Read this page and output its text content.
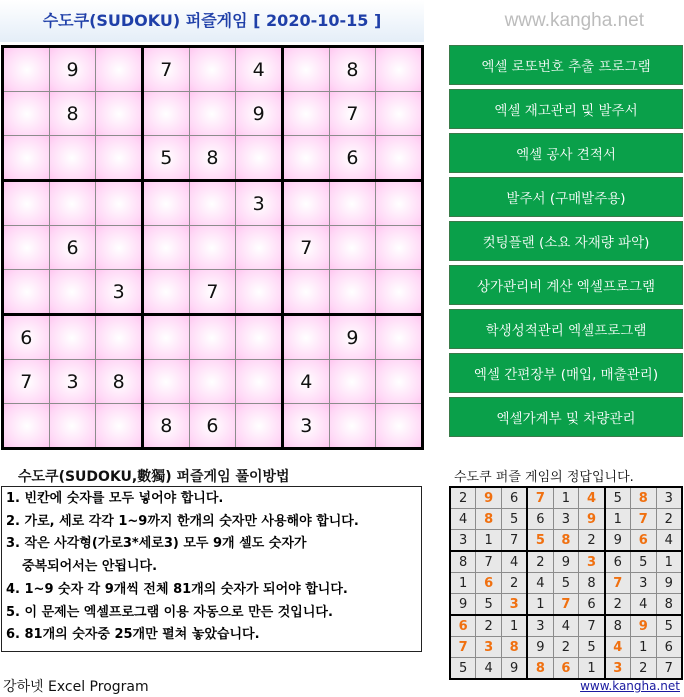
수도쿠(SUDOKU) 퍼즐게임 [ 2020-10-15 ]	www.kangha.net
	9		7		4		8	
	8				9		7	
			5	8			6	
					3			
	6					7		
		3		7				
6							9	
7	3	8				4		
			8	6		3		
엑셀 로또번호 추출 프로그램
엑셀 재고관리 및 발주서
엑셀 공사 견적서
발주서 (구매발주용)
컷팅플랜 (소요 자재량 파악)
상가관리비 계산 엑셀프로그램
학생성적관리 엑셀프로그램
엑셀 간편장부 (매입, 매출관리)
엑셀가계부 및 차량관리
수도쿠(SUDOKU,數獨) 퍼즐게임 풀이방법
1. 빈칸에 숫자를 모두 넣어야 합니다.
2. 가로, 세로 각각 1~9까지 한개의 숫자만 사용해야 합니다.
3. 작은 사각형(가로3*세로3) 모두 9개 셀도 숫자가
중복되어서는 안됩니다.
4. 1~9 숫자 각 9개씩 전체 81개의 숫자가 되어야 합니다.
5. 이 문제는 엑셀프로그램 이용 자동으로 만든 것입니다.
6. 81개의 숫자중 25개만 펼쳐 놓았습니다.
수도쿠 퍼즐 게임의 정답입니다.
2	9	6	7	1	4	5	8	3
4	8	5	6	3	9	1	7	2
3	1	7	5	8	2	9	6	4
8	7	4	2	9	3	6	5	1
1	6	2	4	5	8	7	3	9
9	5	3	1	7	6	2	4	8
6	2	1	3	4	7	8	9	5
7	3	8	9	2	5	4	1	6
5	4	9	8	6	1	3	2	7
강하넷 Excel Program	www.kangha.net
